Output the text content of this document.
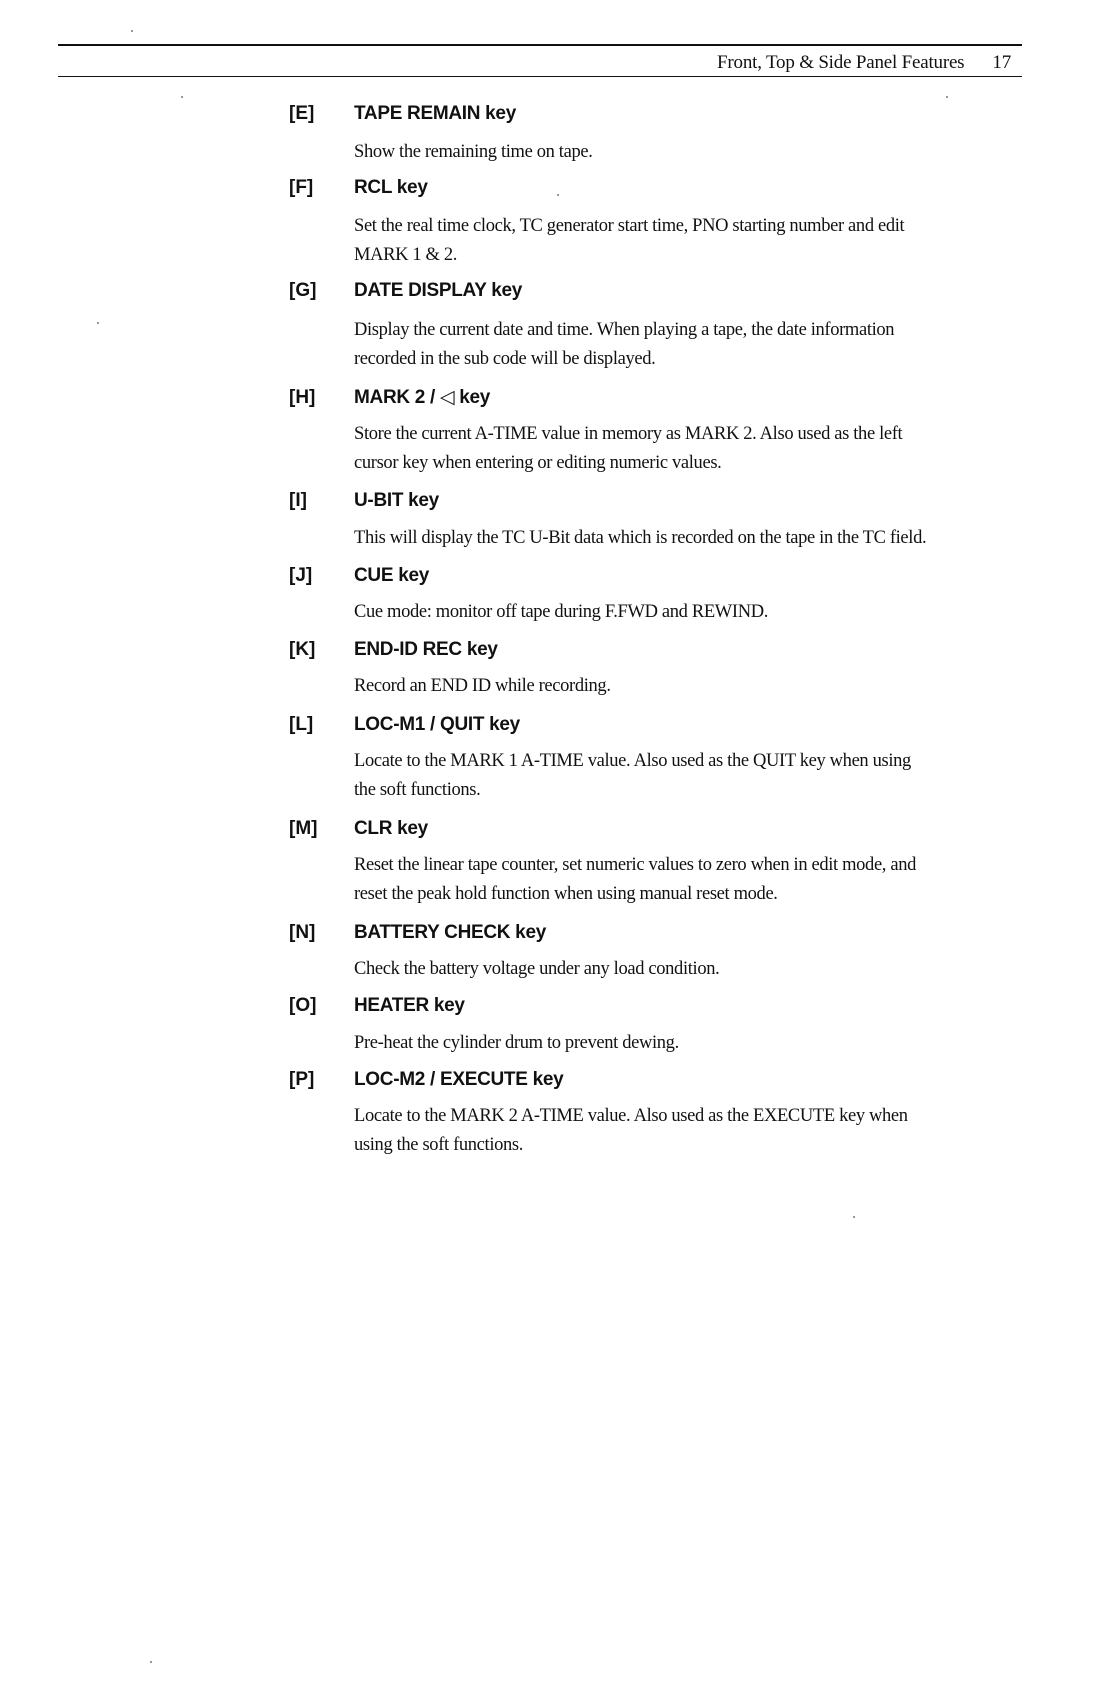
Front, Top & Side Panel Features 17
[E] TAPE REMAIN key
Show the remaining time on tape.
[F] RCL key
Set the real time clock, TC generator start time, PNO starting number and edit
MARK 1 & 2.
[G] DATE DISPLAY key
Display the current date and time. When playing a tape, the date information
recorded in the sub code will be displayed.
[H] MARK 2 / ◁ key
Store the current A-TIME value in memory as MARK 2. Also used as the left
cursor key when entering or editing numeric values.
[I] U-BIT key
This will display the TC U-Bit data which is recorded on the tape in the TC field.
[J] CUE key
Cue mode: monitor off tape during F.FWD and REWIND.
[K] END-ID REC key
Record an END ID while recording.
[L] LOC-M1 / QUIT key
Locate to the MARK 1 A-TIME value. Also used as the QUIT key when using
the soft functions.
[M] CLR key
Reset the linear tape counter, set numeric values to zero when in edit mode, and
reset the peak hold function when using manual reset mode.
[N] BATTERY CHECK key
Check the battery voltage under any load condition.
[O] HEATER key
Pre-heat the cylinder drum to prevent dewing.
[P] LOC-M2 / EXECUTE key
Locate to the MARK 2 A-TIME value. Also used as the EXECUTE key when
using the soft functions.
